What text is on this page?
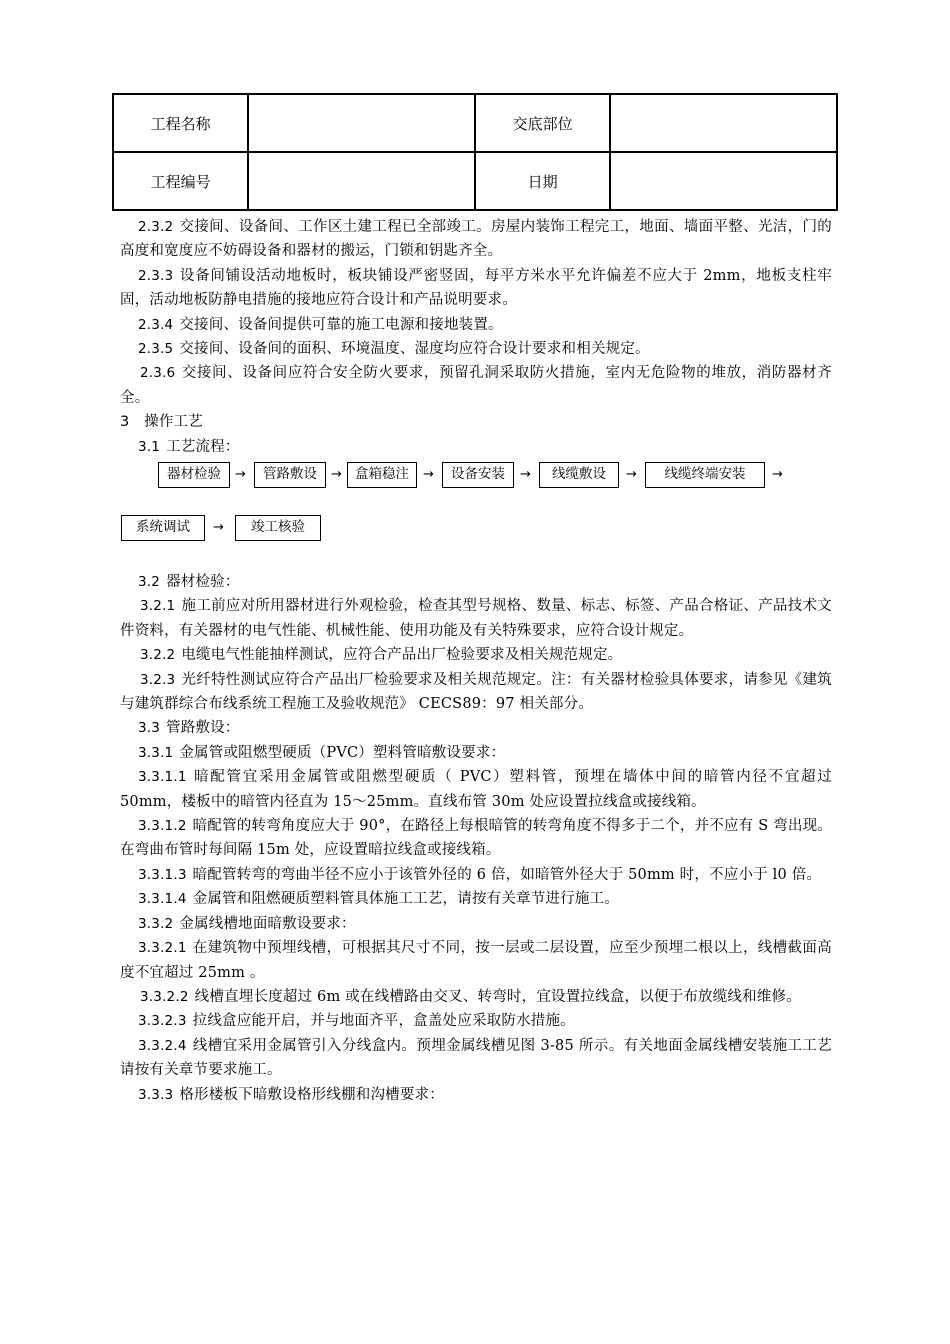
工程名称		交底部位	
工程编号		日期	

2.3.2 交接间、设备间、工作区土建工程已全部竣工。房屋内装饰工程完工，地面、墙面平整、光洁，门的高度和宽度应不妨碍设备和器材的搬运，门锁和钥匙齐全。

2.3.3 设备间铺设活动地板时，板块铺设严密竖固，每平方米水平允许偏差不应大于 2mm，地板支柱牢固，活动地板防静电措施的接地应符合设计和产品说明要求。

2.3.4 交接间、设备间提供可靠的施工电源和接地装置。

2.3.5 交接间、设备间的面积、环境温度、湿度均应符合设计要求和相关规定。

2.3.6 交接间、设备间应符合安全防火要求，预留孔洞采取防火措施，室内无危险物的堆放，消防器材齐全。

3　操作工艺

3.1 工艺流程：

器材检验	→	管路敷设	→ 盒箱稳注	→	设备安装	→	线缆敷设	→	线缆终端安装	→
系统调试	→	竣工核验

3.2 器材检验：

3.2.1 施工前应对所用器材进行外观检验，检查其型号规格、数量、标志、标签、产品合格证、产品技术文件资料，有关器材的电气性能、机械性能、使用功能及有关特殊要求，应符合设计规定。

3.2.2 电缆电气性能抽样测试，应符合产品出厂检验要求及相关规范规定。

3.2.3 光纤特性测试应符合产品出厂检验要求及相关规范规定。注：有关器材检验具体要求，请参见《建筑与建筑群综合布线系统工程施工及验收规范》 CECS89：97 相关部分。

3.3 管路敷设：

3.3.1 金属管或阻燃型硬质（PVC）塑料管暗敷设要求：

3.3.1.1 暗配管宜采用金属管或阻燃型硬质（ PVC）塑料管，预埋在墙体中间的暗管内径不宜超过 50mm，楼板中的暗管内径直为 15～25mm。直线布管 30m 处应设置拉线盒或接线箱。

3.3.1.2 暗配管的转弯角度应大于 90°，在路径上每根暗管的转弯角度不得多于二个，并不应有 S 弯出现。在弯曲布管时每间隔 15m 处，应设置暗拉线盒或接线箱。

3.3.1.3 暗配管转弯的弯曲半径不应小于该管外径的 6 倍，如暗管外径大于 50mm 时，不应小于 l0 倍。

3.3.1.4 金属管和阻燃硬质塑料管具体施工工艺，请按有关章节进行施工。

3.3.2 金属线槽地面暗敷设要求：

3.3.2.1 在建筑物中预埋线槽，可根据其尺寸不同，按一层或二层设置，应至少预埋二根以上，线槽截面高度不宜超过 25mm 。

3.3.2.2 线槽直埋长度超过 6m 或在线槽路由交叉、转弯时，宜设置拉线盒，以便于布放缆线和维修。

3.3.2.3 拉线盒应能开启，并与地面齐平，盒盖处应采取防水措施。

3.3.2.4 线槽宜采用金属管引入分线盒内。预埋金属线槽见图 3-85 所示。有关地面金属线槽安装施工工艺请按有关章节要求施工。

3.3.3 格形楼板下暗敷设格形线棚和沟槽要求：
